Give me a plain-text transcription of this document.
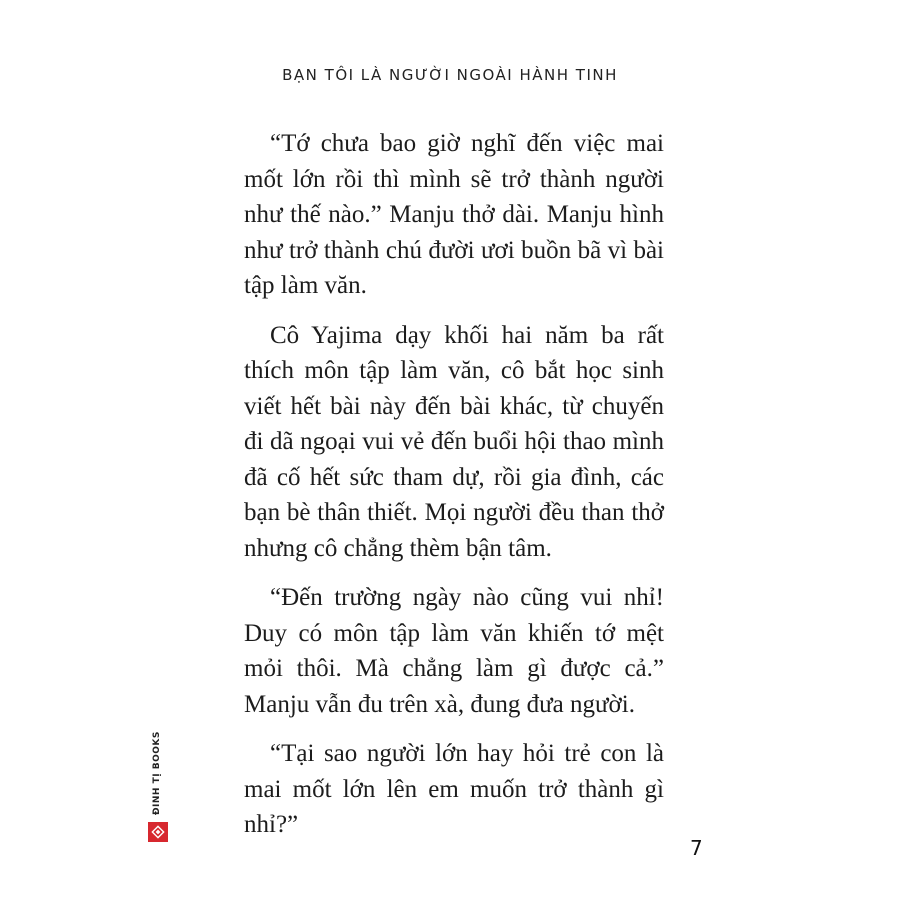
BẠN TÔI LÀ NGƯỜI NGOÀI HÀNH TINH

“Tớ chưa bao giờ nghĩ đến việc mai mốt lớn rồi thì mình sẽ trở thành người như thế nào.” Manju thở dài. Manju hình như trở thành chú đười ươi buồn bã vì bài tập làm văn.

Cô Yajima dạy khối hai năm ba rất thích môn tập làm văn, cô bắt học sinh viết hết bài này đến bài khác, từ chuyến đi dã ngoại vui vẻ đến buổi hội thao mình đã cố hết sức tham dự, rồi gia đình, các bạn bè thân thiết. Mọi người đều than thở nhưng cô chẳng thèm bận tâm.

“Đến trường ngày nào cũng vui nhỉ! Duy có môn tập làm văn khiến tớ mệt mỏi thôi. Mà chẳng làm gì được cả.” Manju vẫn đu trên xà, đung đưa người.

“Tại sao người lớn hay hỏi trẻ con là mai mốt lớn lên em muốn trở thành gì nhỉ?”

ĐINH TỊ BOOKS
7
